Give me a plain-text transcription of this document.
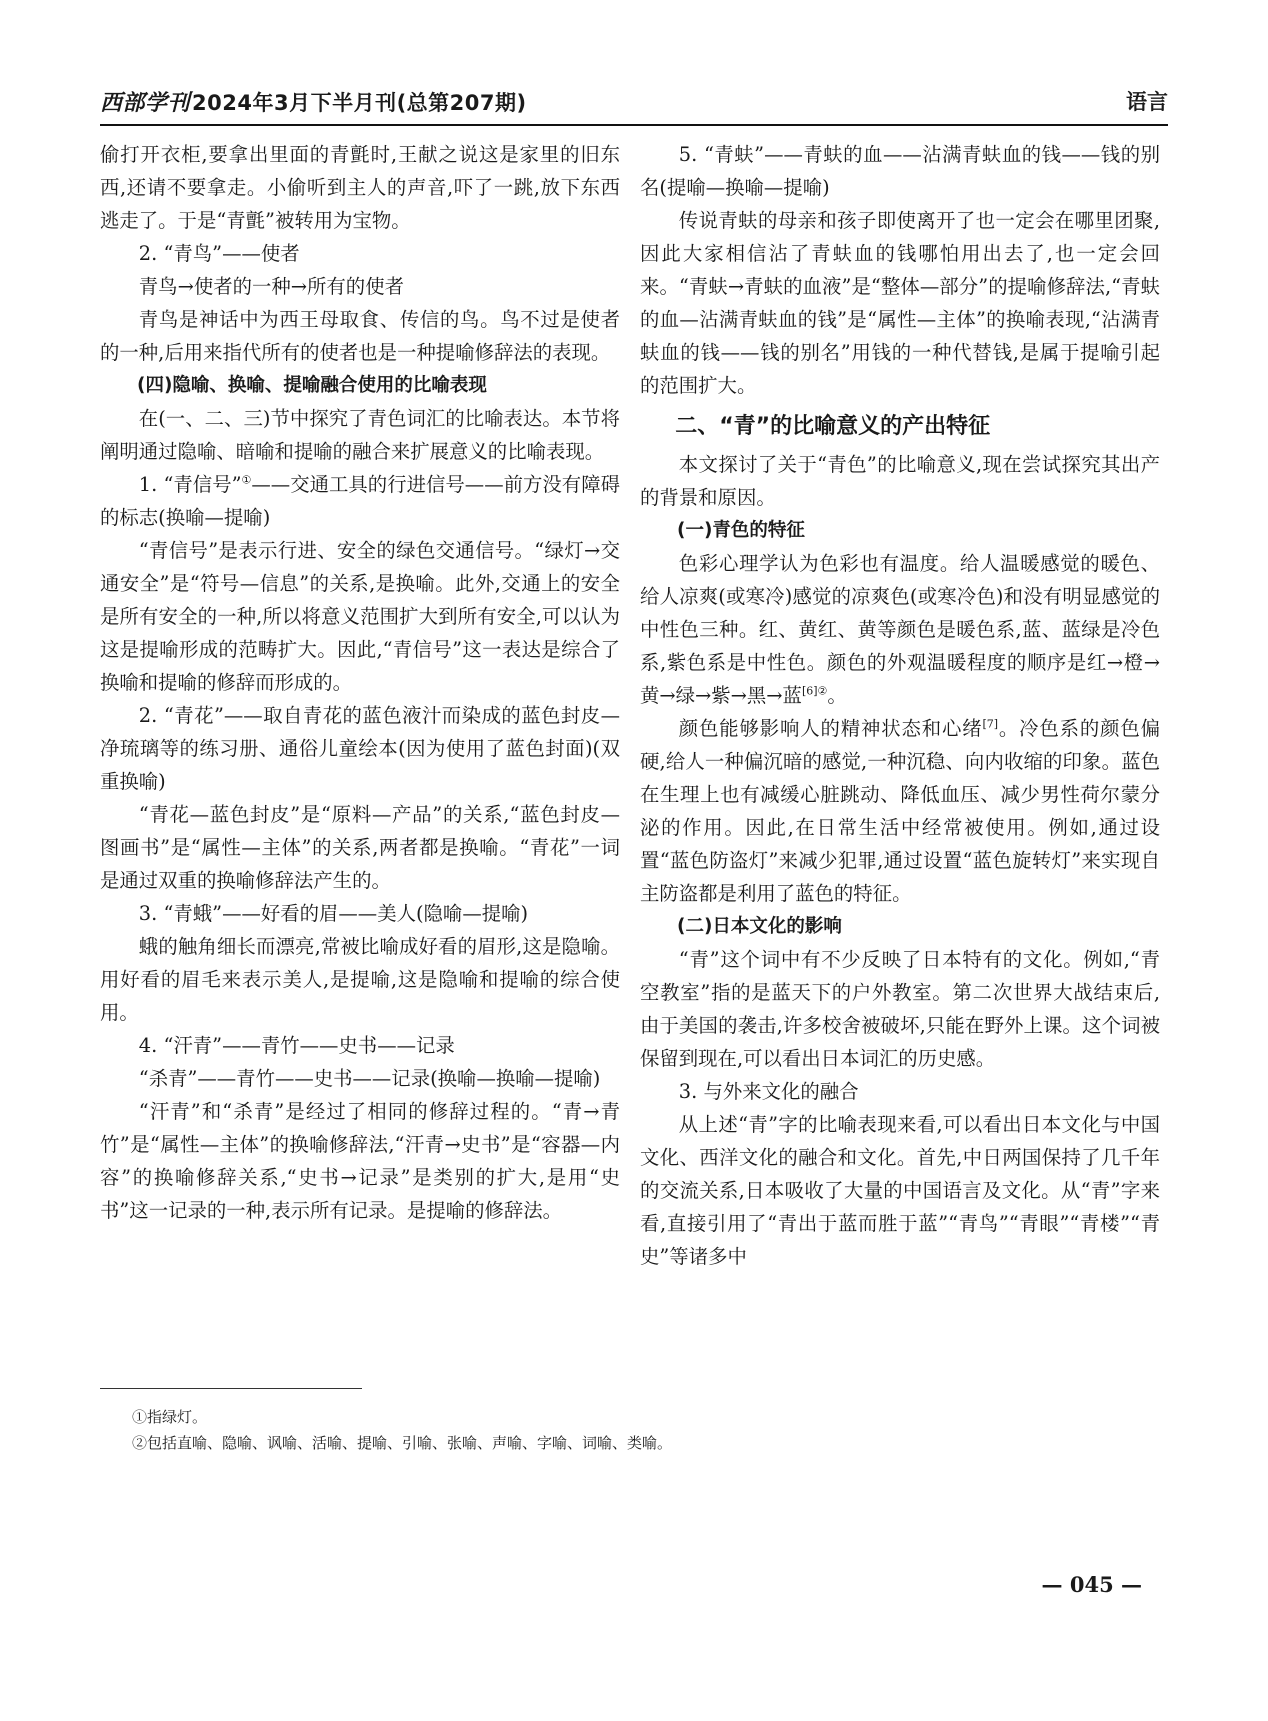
西部学刊2024年3月下半月刊(总第207期)	语言

偷打开衣柜,要拿出里面的青氈时,王献之说这是家里的旧东西,还请不要拿走。小偷听到主人的声音,吓了一跳,放下东西逃走了。于是“青氈”被转用为宝物。

2. “青鸟”——使者

青鸟→使者的一种→所有的使者

青鸟是神话中为西王母取食、传信的鸟。鸟不过是使者的一种,后用来指代所有的使者也是一种提喻修辞法的表现。

(四)隐喻、换喻、提喻融合使用的比喻表现

在(一、二、三)节中探究了青色词汇的比喻表达。本节将阐明通过隐喻、暗喻和提喻的融合来扩展意义的比喻表现。

1. “青信号”①——交通工具的行进信号——前方没有障碍的标志(换喻—提喻)

“青信号”是表示行进、安全的绿色交通信号。“绿灯→交通安全”是“符号—信息”的关系,是换喻。此外,交通上的安全是所有安全的一种,所以将意义范围扩大到所有安全,可以认为这是提喻形成的范畴扩大。因此,“青信号”这一表达是综合了换喻和提喻的修辞而形成的。

2. “青花”——取自青花的蓝色液汁而染成的蓝色封皮—净琉璃等的练习册、通俗儿童绘本(因为使用了蓝色封面)(双重换喻)

“青花—蓝色封皮”是“原料—产品”的关系,“蓝色封皮—图画书”是“属性—主体”的关系,两者都是换喻。“青花”一词是通过双重的换喻修辞法产生的。

3. “青蛾”——好看的眉——美人(隐喻—提喻)

蛾的触角细长而漂亮,常被比喻成好看的眉形,这是隐喻。用好看的眉毛来表示美人,是提喻,这是隐喻和提喻的综合使用。

4. “汗青”——青竹——史书——记录

“杀青”——青竹——史书——记录(换喻—换喻—提喻)

“汗青”和“杀青”是经过了相同的修辞过程的。“青→青竹”是“属性—主体”的换喻修辞法,“汗青→史书”是“容器—内容”的换喻修辞关系,“史书→记录”是类别的扩大,是用“史书”这一记录的一种,表示所有记录。是提喻的修辞法。

5. “青蚨”——青蚨的血——沾满青蚨血的钱——钱的别名(提喻—换喻—提喻)

传说青蚨的母亲和孩子即使离开了也一定会在哪里团聚,因此大家相信沾了青蚨血的钱哪怕用出去了,也一定会回来。“青蚨→青蚨的血液”是“整体—部分”的提喻修辞法,“青蚨的血—沾满青蚨血的钱”是“属性—主体”的换喻表现,“沾满青蚨血的钱——钱的别名”用钱的一种代替钱,是属于提喻引起的范围扩大。

二、“青”的比喻意义的产出特征

本文探讨了关于“青色”的比喻意义,现在尝试探究其出产的背景和原因。

(一)青色的特征

色彩心理学认为色彩也有温度。给人温暖感觉的暖色、给人凉爽(或寒冷)感觉的凉爽色(或寒冷色)和没有明显感觉的中性色三种。红、黄红、黄等颜色是暖色系,蓝、蓝绿是冷色系,紫色系是中性色。颜色的外观温暖程度的顺序是红→橙→黄→绿→紫→黑→蓝$^{[6]②}$。

颜色能够影响人的精神状态和心绪[7]。冷色系的颜色偏硬,给人一种偏沉暗的感觉,一种沉稳、向内收缩的印象。蓝色在生理上也有减缓心脏跳动、降低血压、减少男性荷尔蒙分泌的作用。因此,在日常生活中经常被使用。例如,通过设置“蓝色防盗灯”来减少犯罪,通过设置“蓝色旋转灯”来实现自主防盗都是利用了蓝色的特征。

(二)日本文化的影响

“青”这个词中有不少反映了日本特有的文化。例如,“青空教室”指的是蓝天下的户外教室。第二次世界大战结束后,由于美国的袭击,许多校舍被破坏,只能在野外上课。这个词被保留到现在,可以看出日本词汇的历史感。

3. 与外来文化的融合

从上述“青”字的比喻表现来看,可以看出日本文化与中国文化、西洋文化的融合和文化。首先,中日两国保持了几千年的交流关系,日本吸收了大量的中国语言及文化。从“青”字来看,直接引用了“青出于蓝而胜于蓝”“青鸟”“青眼”“青楼”“青史”等诸多中

①指绿灯。
②包括直喻、隐喻、讽喻、活喻、提喻、引喻、张喻、声喻、字喻、词喻、类喻。
— 045 —
